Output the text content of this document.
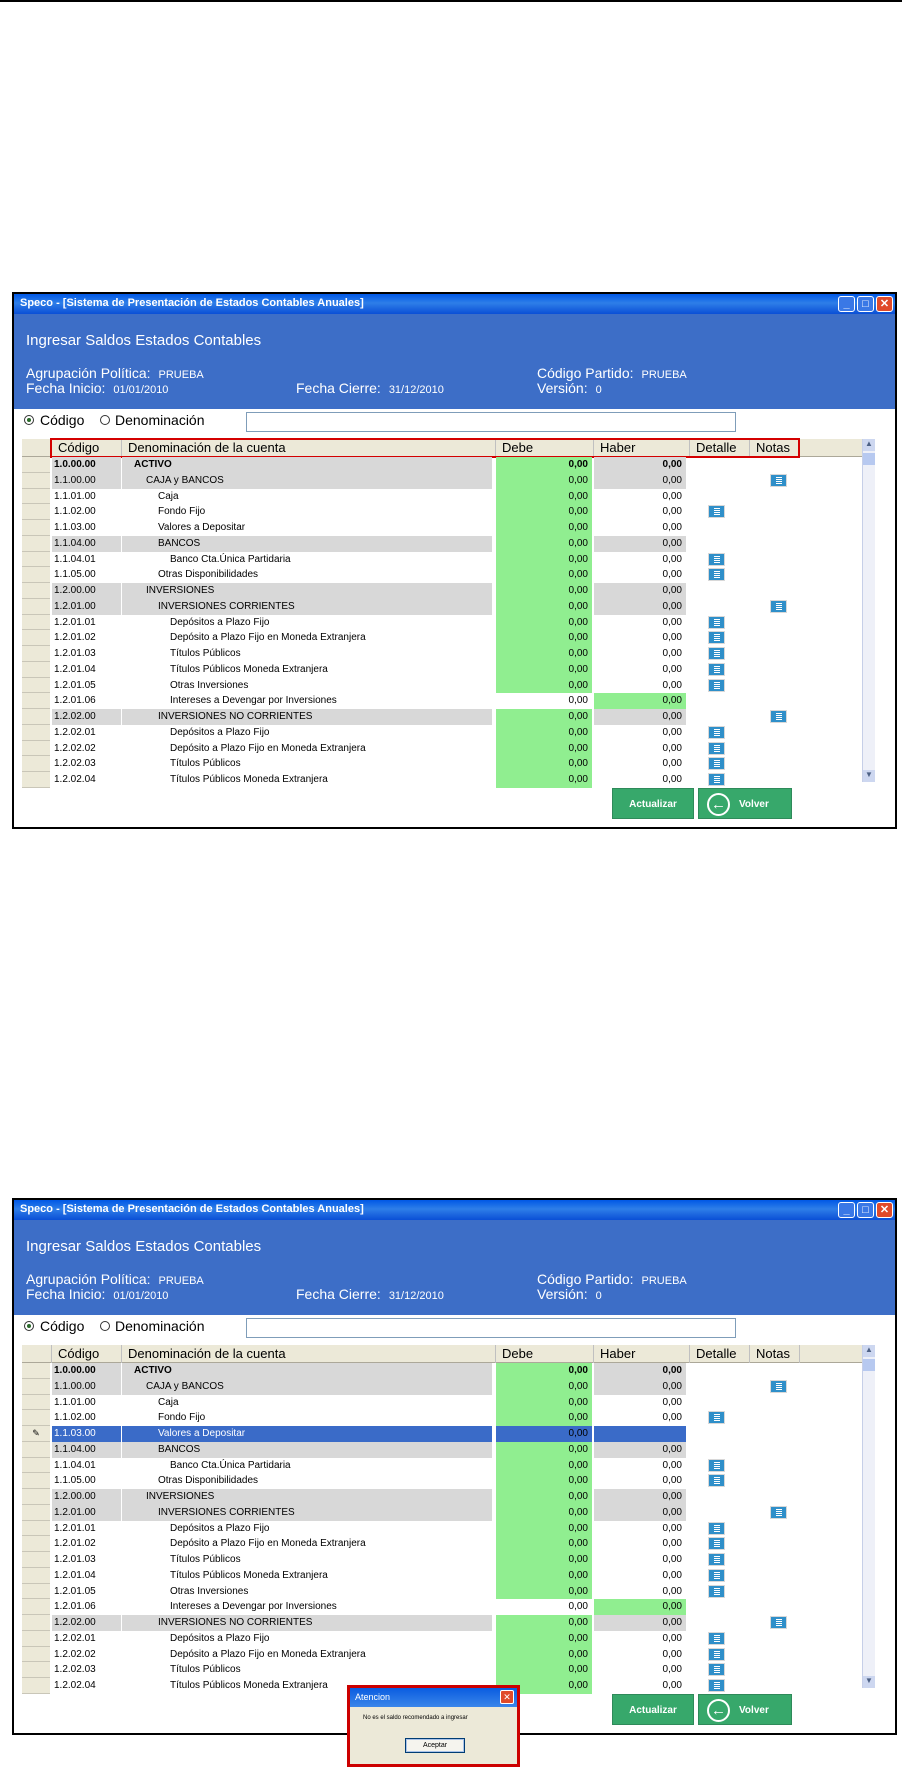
Speco - [Sistema de Presentación de Estados Contables Anuales]	_	□	✕
Ingresar Saldos Estados Contables
Agrupación Política: PRUEBA	Código Partido: PRUEBA
Fecha Inicio: 01/01/2010	Fecha Cierre: 31/12/2010	Versión: 0
Código Denominación
Código	Denominación de la cuenta	Debe	Haber	Detalle	Notas
1.0.00.00	ACTIVO	0,00	0,00
1.1.00.00	CAJA y BANCOS	0,00	0,00
1.1.01.00	Caja	0,00	0,00
1.1.02.00	Fondo Fijo	0,00	0,00
1.1.03.00	Valores a Depositar	0,00	0,00
1.1.04.00	BANCOS	0,00	0,00
1.1.04.01	Banco Cta.Única Partidaria	0,00	0,00
1.1.05.00	Otras Disponibilidades	0,00	0,00
1.2.00.00	INVERSIONES	0,00	0,00
1.2.01.00	INVERSIONES CORRIENTES	0,00	0,00
1.2.01.01	Depósitos a Plazo Fijo	0,00	0,00
1.2.01.02	Depósito a Plazo Fijo en Moneda Extranjera	0,00	0,00
1.2.01.03	Títulos Públicos	0,00	0,00
1.2.01.04	Títulos Públicos Moneda Extranjera	0,00	0,00
1.2.01.05	Otras Inversiones	0,00	0,00
1.2.01.06	Intereses a Devengar por Inversiones	0,00	0,00
1.2.02.00	INVERSIONES NO CORRIENTES	0,00	0,00
1.2.02.01	Depósitos a Plazo Fijo	0,00	0,00
1.2.02.02	Depósito a Plazo Fijo en Moneda Extranjera	0,00	0,00
1.2.02.03	Títulos Públicos	0,00	0,00
1.2.02.04	Títulos Públicos Moneda Extranjera	0,00	0,00
▲
▼
Actualizar	←	Volver
Speco - [Sistema de Presentación de Estados Contables Anuales]	_	□	✕
Ingresar Saldos Estados Contables
Agrupación Política: PRUEBA	Código Partido: PRUEBA
Fecha Inicio: 01/01/2010	Fecha Cierre: 31/12/2010	Versión: 0
Código Denominación
Código	Denominación de la cuenta	Debe	Haber	Detalle	Notas
1.0.00.00	ACTIVO	0,00	0,00
1.1.00.00	CAJA y BANCOS	0,00	0,00
1.1.01.00	Caja	0,00	0,00
1.1.02.00	Fondo Fijo	0,00	0,00
✎	1.1.03.00	Valores a Depositar	0,00
1.1.04.00	BANCOS	0,00	0,00
1.1.04.01	Banco Cta.Única Partidaria	0,00	0,00
1.1.05.00	Otras Disponibilidades	0,00	0,00
1.2.00.00	INVERSIONES	0,00	0,00
1.2.01.00	INVERSIONES CORRIENTES	0,00	0,00
1.2.01.01	Depósitos a Plazo Fijo	0,00	0,00
1.2.01.02	Depósito a Plazo Fijo en Moneda Extranjera	0,00	0,00
1.2.01.03	Títulos Públicos	0,00	0,00
1.2.01.04	Títulos Públicos Moneda Extranjera	0,00	0,00
1.2.01.05	Otras Inversiones	0,00	0,00
1.2.01.06	Intereses a Devengar por Inversiones	0,00	0,00
1.2.02.00	INVERSIONES NO CORRIENTES	0,00	0,00
1.2.02.01	Depósitos a Plazo Fijo	0,00	0,00
1.2.02.02	Depósito a Plazo Fijo en Moneda Extranjera	0,00	0,00
1.2.02.03	Títulos Públicos	0,00	0,00
1.2.02.04	Títulos Públicos Moneda Extranjera	0,00	0,00
▲
▼
Atencion	✕
No es el saldo recomendado a ingresar
Aceptar
Actualizar	←	Volver
